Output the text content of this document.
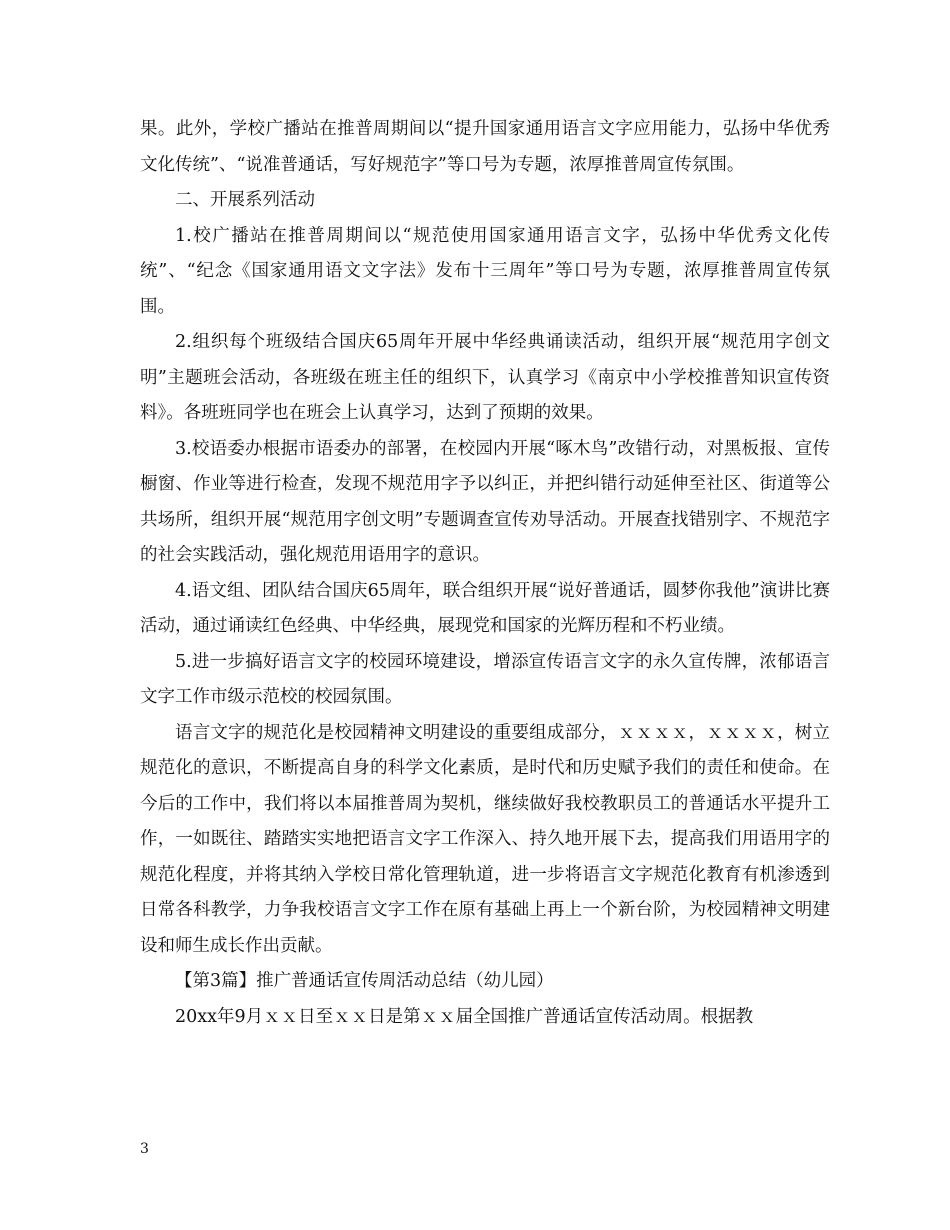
果。此外，学校广播站在推普周期间以“提升国家通用语言文字应用能力，弘扬中华优秀文化传统”、“说准普通话，写好规范字”等口号为专题，浓厚推普周宣传氛围。

二、开展系列活动

1.校广播站在推普周期间以“规范使用国家通用语言文字，弘扬中华优秀文化传统”、“纪念《国家通用语文文字法》发布十三周年”等口号为专题，浓厚推普周宣传氛围。

2.组织每个班级结合国庆65周年开展中华经典诵读活动，组织开展“规范用字创文明”主题班会活动，各班级在班主任的组织下，认真学习《南京中小学校推普知识宣传资料》。各班班同学也在班会上认真学习，达到了预期的效果。

3.校语委办根据市语委办的部署，在校园内开展“啄木鸟”改错行动，对黑板报、宣传橱窗、作业等进行检查，发现不规范用字予以纠正，并把纠错行动延伸至社区、街道等公共场所，组织开展“规范用字创文明”专题调查宣传劝导活动。开展查找错别字、不规范字的社会实践活动，强化规范用语用字的意识。

4.语文组、团队结合国庆65周年，联合组织开展“说好普通话，圆梦你我他”演讲比赛活动，通过诵读红色经典、中华经典，展现党和国家的光辉历程和不朽业绩。

5.进一步搞好语言文字的校园环境建设，增添宣传语言文字的永久宣传牌，浓郁语言文字工作市级示范校的校园氛围。

语言文字的规范化是校园精神文明建设的重要组成部分，ｘｘｘｘ，ｘｘｘｘ，树立规范化的意识，不断提高自身的科学文化素质，是时代和历史赋予我们的责任和使命。在今后的工作中，我们将以本届推普周为契机，继续做好我校教职员工的普通话水平提升工作，一如既往、踏踏实实地把语言文字工作深入、持久地开展下去，提高我们用语用字的规范化程度，并将其纳入学校日常化管理轨道，进一步将语言文字规范化教育有机渗透到日常各科教学，力争我校语言文字工作在原有基础上再上一个新台阶，为校园精神文明建设和师生成长作出贡献。

【第3篇】推广普通话宣传周活动总结（幼儿园）

20xx年9月ｘｘ日至ｘｘ日是第ｘｘ届全国推广普通话宣传活动周。根据教

3
